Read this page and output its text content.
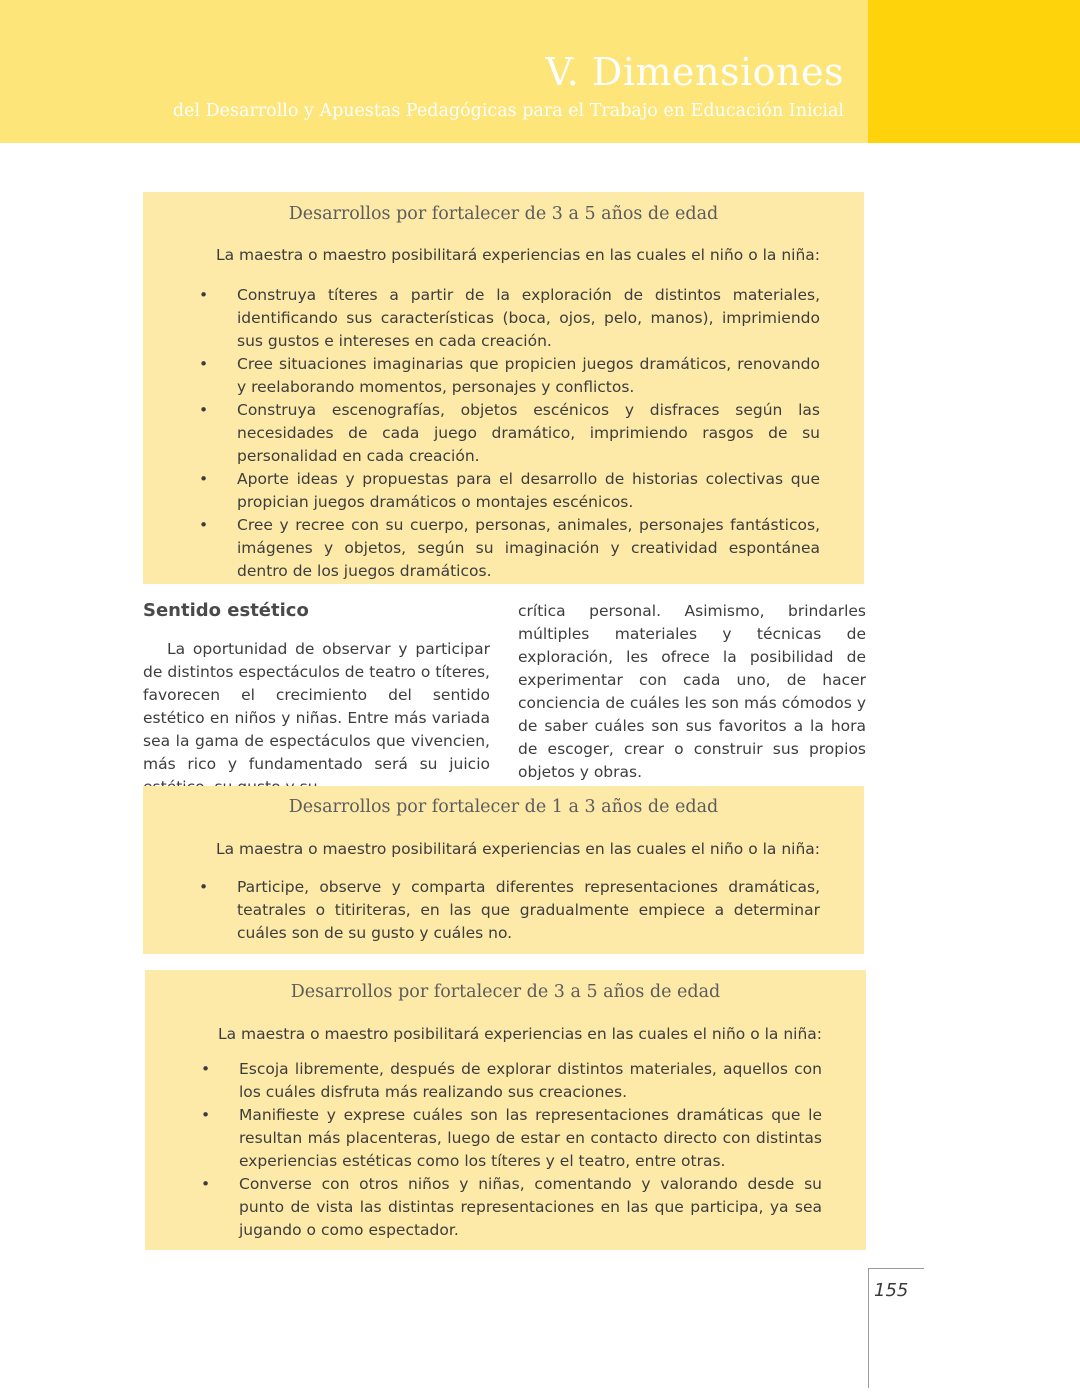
V. Dimensiones
del Desarrollo y Apuestas Pedagógicas para el Trabajo en Educación Inicial
Desarrollos por fortalecer de 3 a 5 años de edad
La maestra o maestro posibilitará experiencias en las cuales el niño o la niña:
• Construya títeres a partir de la exploración de distintos materiales, identificando sus características (boca, ojos, pelo, manos), imprimiendo sus gustos e intereses en cada creación.
• Cree situaciones imaginarias que propicien juegos dramáticos, renovando y reelaborando momentos, personajes y conflictos.
• Construya escenografías, objetos escénicos y disfraces según las necesidades de cada juego dramático, imprimiendo rasgos de su personalidad en cada creación.
• Aporte ideas y propuestas para el desarrollo de historias colectivas que propician juegos dramáticos o montajes escénicos.
• Cree y recree con su cuerpo, personas, animales, personajes fantásticos, imágenes y objetos, según su imaginación y creatividad espontánea dentro de los juegos dramáticos.
Sentido estético
La oportunidad de observar y participar de distintos espectáculos de teatro o títeres, favorecen el crecimiento del sentido estético en niños y niñas. Entre más variada sea la gama de espectáculos que vivencien, más rico y fundamentado será su juicio
crítica personal. Asimismo, brindarles múltiples materiales y técnicas de exploración, les ofrece la posibilidad de experimentar con cada uno, de hacer conciencia de cuáles les son más cómodos y de saber cuáles son sus favoritos a la hora de escoger, crear o construir sus propios objetos y obras.
Desarrollos por fortalecer de 1 a 3 años de edad
La maestra o maestro posibilitará experiencias en las cuales el niño o la niña:
• Participe, observe y comparta diferentes representaciones dramáticas, teatrales o titiriteras, en las que gradualmente empiece a determinar cuáles son de su gusto y cuáles no.
Desarrollos por fortalecer de 3 a 5 años de edad
La maestra o maestro posibilitará experiencias en las cuales el niño o la niña:
• Escoja libremente, después de explorar distintos materiales, aquellos con los cuáles disfruta más realizando sus creaciones.
• Manifieste y exprese cuáles son las representaciones dramáticas que le resultan más placenteras, luego de estar en contacto directo con distintas experiencias estéticas como los títeres y el teatro, entre otras.
• Converse con otros niños y niñas, comentando y valorando desde su punto de vista las distintas representaciones en las que participa, ya sea jugando o como espectador.
155
